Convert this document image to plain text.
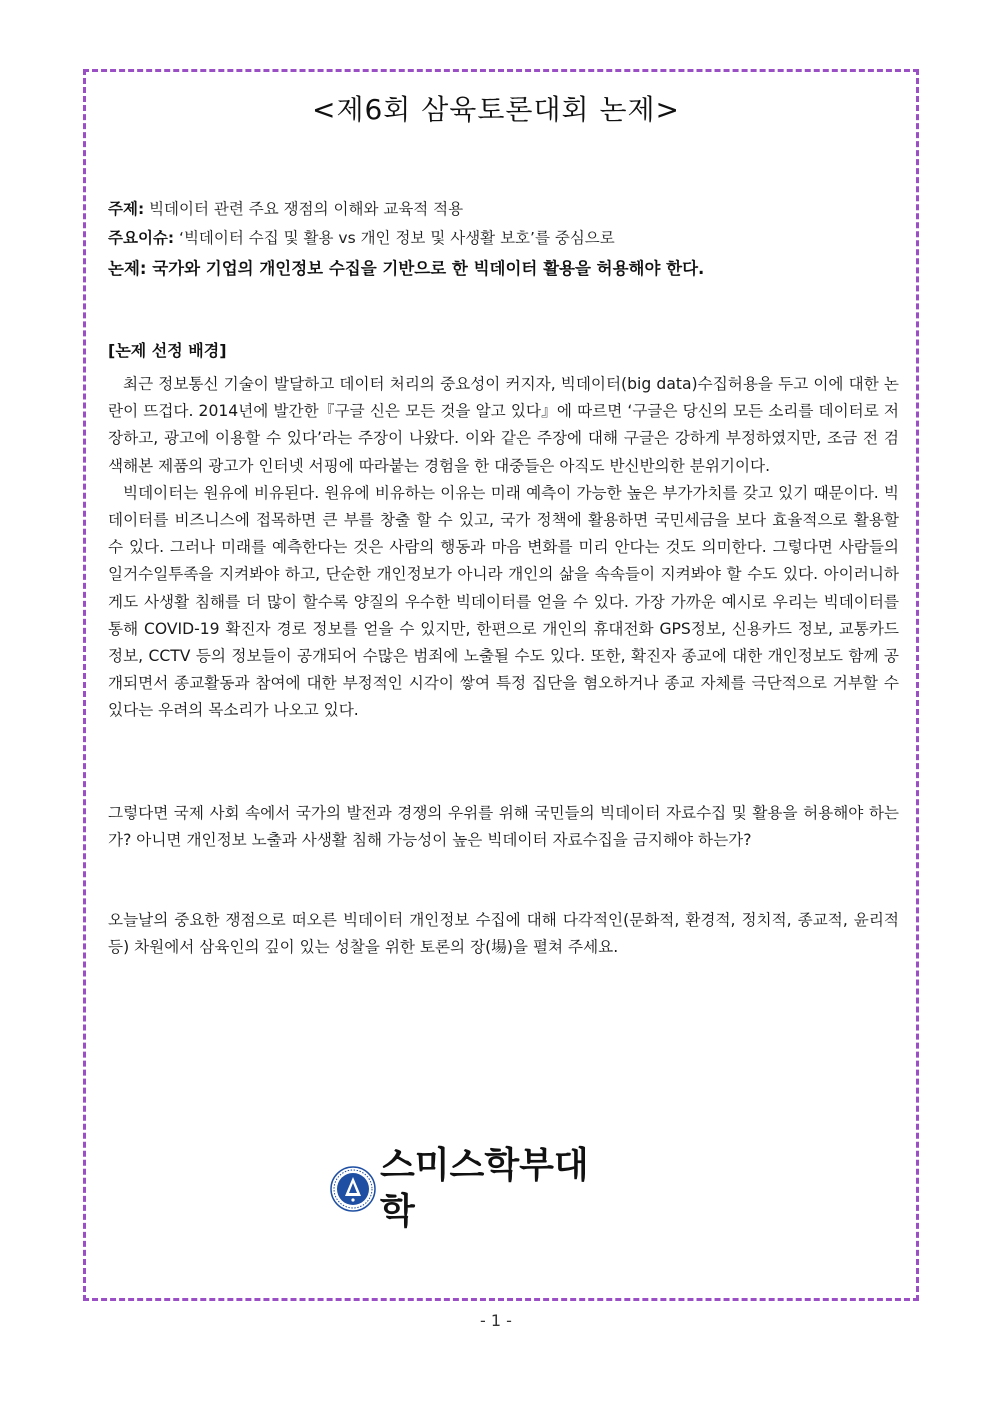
<제6회 삼육토론대회 논제>
주제: 빅데이터 관련 주요 쟁점의 이해와 교육적 적용
주요이슈: ‘빅데이터 수집 및 활용 vs 개인 정보 및 사생활 보호’를 중심으로
논제: 국가와 기업의 개인정보 수집을 기반으로 한 빅데이터 활용을 허용해야 한다.
[논제 선정 배경]

최근 정보통신 기술이 발달하고 데이터 처리의 중요성이 커지자, 빅데이터(big data)수집허용을 두고 이에 대한 논란이 뜨겁다. 2014년에 발간한『구글 신은 모든 것을 알고 있다』에 따르면 ‘구글은 당신의 모든 소리를 데이터로 저장하고, 광고에 이용할 수 있다’라는 주장이 나왔다. 이와 같은 주장에 대해 구글은 강하게 부정하였지만, 조금 전 검색해본 제품의 광고가 인터넷 서핑에 따라붙는 경험을 한 대중들은 아직도 반신반의한 분위기이다.

빅데이터는 원유에 비유된다. 원유에 비유하는 이유는 미래 예측이 가능한 높은 부가가치를 갖고 있기 때문이다. 빅데이터를 비즈니스에 접목하면 큰 부를 창출 할 수 있고, 국가 정책에 활용하면 국민세금을 보다 효율적으로 활용할 수 있다. 그러나 미래를 예측한다는 것은 사람의 행동과 마음 변화를 미리 안다는 것도 의미한다. 그렇다면 사람들의 일거수일투족을 지켜봐야 하고, 단순한 개인정보가 아니라 개인의 삶을 속속들이 지켜봐야 할 수도 있다. 아이러니하게도 사생활 침해를 더 많이 할수록 양질의 우수한 빅데이터를 얻을 수 있다. 가장 가까운 예시로 우리는 빅데이터를 통해 COVID-19 확진자 경로 정보를 얻을 수 있지만, 한편으로 개인의 휴대전화 GPS정보, 신용카드 정보, 교통카드 정보, CCTV 등의 정보들이 공개되어 수많은 범죄에 노출될 수도 있다. 또한, 확진자 종교에 대한 개인정보도 함께 공개되면서 종교활동과 참여에 대한 부정적인 시각이 쌓여 특정 집단을 혐오하거나 종교 자체를 극단적으로 거부할 수 있다는 우려의 목소리가 나오고 있다.

그렇다면 국제 사회 속에서 국가의 발전과 경쟁의 우위를 위해 국민들의 빅데이터 자료수집 및 활용을 허용해야 하는가? 아니면 개인정보 노출과 사생활 침해 가능성이 높은 빅데이터 자료수집을 금지해야 하는가?

오늘날의 중요한 쟁점으로 떠오른 빅데이터 개인정보 수집에 대해 다각적인(문화적, 환경적, 정치적, 종교적, 윤리적 등) 차원에서 삼육인의 깊이 있는 성찰을 위한 토론의 장(場)을 펼쳐 주세요.

스미스학부대학
- 1 -
